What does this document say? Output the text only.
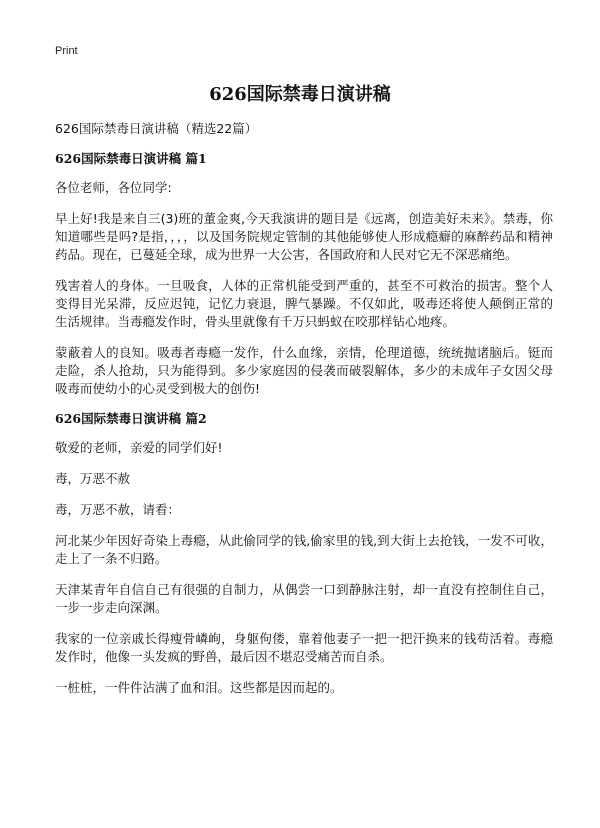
Print
626国际禁毒日演讲稿
626国际禁毒日演讲稿（精选22篇）
626国际禁毒日演讲稿 篇1

各位老师，各位同学:

早上好!我是来自三(3)班的董金爽,今天我演讲的题目是《远离，创造美好未来》。禁毒，你知道哪些是吗?是指，，，，以及国务院规定管制的其他能够使人形成瘾癖的麻醉药品和精神药品。现在，已蔓延全球，成为世界一大公害，各国政府和人民对它无不深恶痛绝。

残害着人的身体。一旦吸食，人体的正常机能受到严重的，甚至不可救治的损害。整个人变得目光呆滞，反应迟钝，记忆力衰退，脾气暴躁。不仅如此，吸毒还将使人颠倒正常的生活规律。当毒瘾发作时，骨头里就像有千万只蚂蚁在咬那样钻心地疼。

蒙蔽着人的良知。吸毒者毒瘾一发作，什么血缘，亲情，伦理道德，统统抛诸脑后。铤而走险，杀人抢劫，只为能得到。多少家庭因的侵袭而破裂解体，多少的未成年子女因父母吸毒而使幼小的心灵受到极大的创伤!

626国际禁毒日演讲稿 篇2

敬爱的老师，亲爱的同学们好!

毒，万恶不赦

毒，万恶不赦，请看：

河北某少年因好奇染上毒瘾，从此偷同学的钱,偷家里的钱,到大街上去抢钱，一发不可收，走上了一条不归路。

天津某青年自信自己有很强的自制力，从偶尝一口到静脉注射，却一直没有控制住自己，一步一步走向深渊。

我家的一位亲戚长得瘦骨嶙峋，身躯佝偻，靠着他妻子一把一把汗换来的钱苟活着。毒瘾发作时，他像一头发疯的野兽，最后因不堪忍受痛苦而自杀。

一桩桩，一件件沾满了血和泪。这些都是因而起的。
